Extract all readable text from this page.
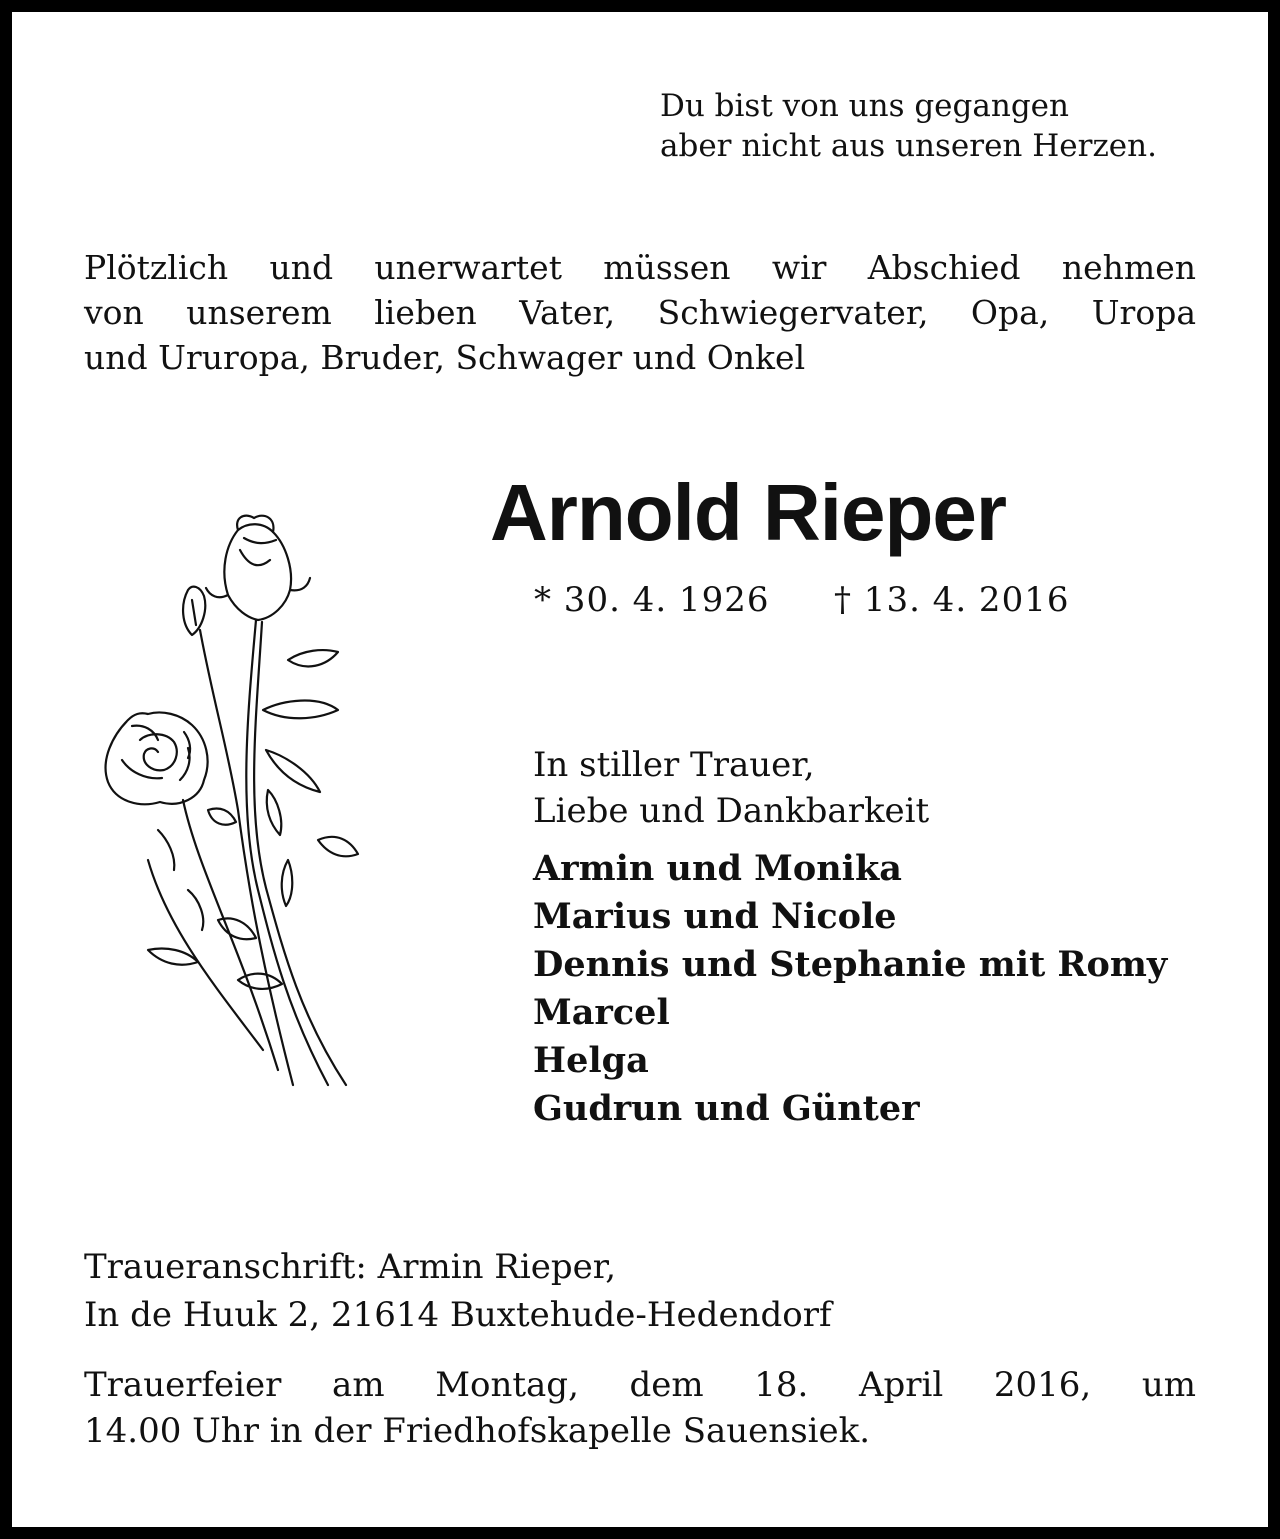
Du bist von uns gegangen
aber nicht aus unseren Herzen.
Plötzlich und unerwartet müssen wir Abschied nehmen
von unserem lieben Vater, Schwiegervater, Opa, Uropa
und Ururopa, Bruder, Schwager und Onkel
Arnold Rieper
* 30. 4. 1926 † 13. 4. 2016
In stiller Trauer,
Liebe und Dankbarkeit
Armin und Monika
Marius und Nicole
Dennis und Stephanie mit Romy
Marcel
Helga
Gudrun und Günter
Traueranschrift: Armin Rieper,
In de Huuk 2, 21614 Buxtehude-Hedendorf
Trauerfeier am Montag, dem 18. April 2016, um
14.00 Uhr in der Friedhofskapelle Sauensiek.
